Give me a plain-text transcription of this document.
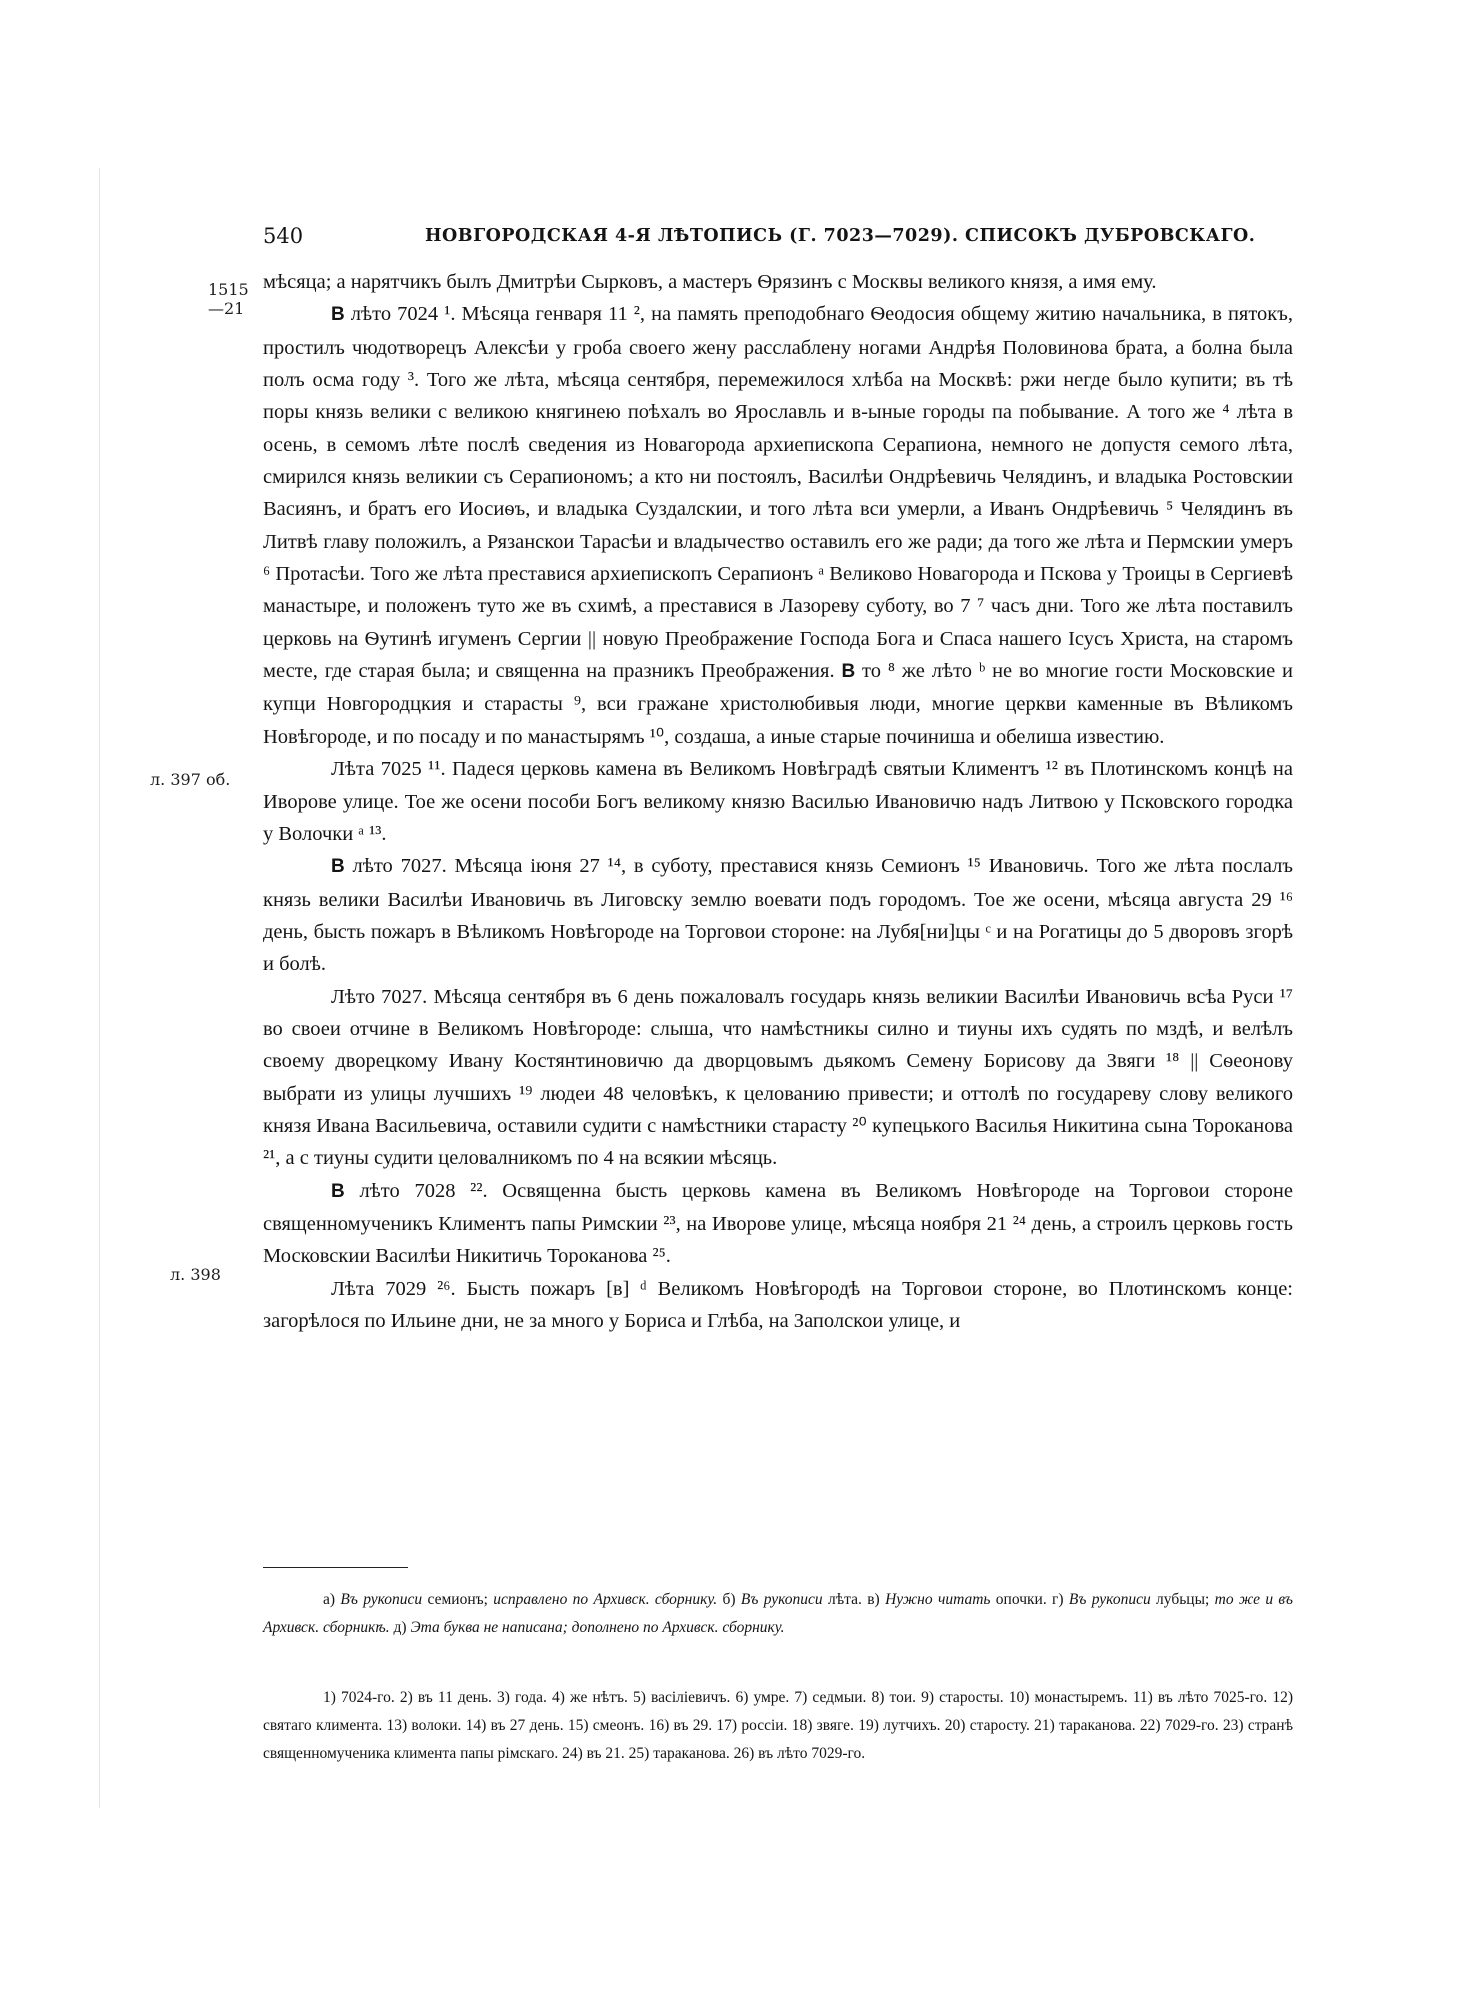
540	НОВГОРОДСКАЯ 4-Я ЛѢТОПИСЬ (Г. 7023—7029). СПИСОКЪ ДУБРОВСКАГО.
1515
—21
л. 397 об.
л. 398

мѣсяца; а нарятчикъ былъ Дмитрѣи Сырковъ, а мастеръ Ѳрязинъ с Москвы великого князя, а имя ему.

В лѣто 7024 ¹. Мѣсяца генваря 11 ², на память преподобнаго Ѳеодосия общему житию начальника, в пятокъ, простилъ чюдотворецъ Алексѣи у гроба своего жену расслаблену ногами Андрѣя Половинова брата, а болна была полъ осма году ³. Того же лѣта, мѣсяца сентября, перемежилося хлѣба на Москвѣ: ржи негде было купити; въ тѣ поры князь велики с великою княгинею поѣхалъ во Ярославль и в-ыные городы па побывание. А того же ⁴ лѣта в осень, в семомъ лѣте послѣ сведения из Новагорода архиепископа Серапиона, немного не допустя семого лѣта, смирился князь великии съ Серапиономъ; а кто ни постоялъ, Василѣи Ондрѣевичь Челядинъ, и владыка Ростовскии Васиянъ, и братъ его Иосиѳъ, и владыка Суздалскии, и того лѣта вси умерли, а Иванъ Ондрѣевичь ⁵ Челядинъ въ Литвѣ главу положилъ, а Рязанскои Тарасѣи и владычество оставилъ его же ради; да того же лѣта и Пермскии умеръ ⁶ Протасѣи. Того же лѣта преставися архиепископъ Серапионъ ᵃ Великово Новагорода и Пскова у Троицы в Сергиевѣ манастыре, и положенъ туто же въ схимѣ, а преставися в Лазореву суботу, во 7 ⁷ часъ дни. Того же лѣта поставилъ церковь на Ѳутинѣ игуменъ Сергии || новую Преображение Господа Бога и Спаса нашего Ісусъ Христа, на старомъ месте, где старая была; и священна на празникъ Преображения. В то ⁸ же лѣто ᵇ не во многие гости Московские и купци Новгородцкия и старасты ⁹, вси гражане христолюбивыя люди, многие церкви каменные въ Вѣликомъ Новѣгороде, и по посаду и по манастырямъ ¹⁰, создаша, а иные старые починиша и обелиша известию.

Лѣта 7025 ¹¹. Падеся церковь камена въ Великомъ Новѣградѣ святыи Климентъ ¹² въ Плотинскомъ концѣ на Иворове улице. Тое же осени пособи Богъ великому князю Василью Ивановичю надъ Литвою у Псковского городка у Волочки ᵃ ¹³.

В лѣто 7027. Мѣсяца іюня 27 ¹⁴, в суботу, преставися князь Семионъ ¹⁵ Ивановичь. Того же лѣта послалъ князь велики Василѣи Ивановичь въ Лиговску землю воевати подъ городомъ. Тое же осени, мѣсяца августа 29 ¹⁶ день, бысть пожаръ в Вѣликомъ Новѣгороде на Торговои стороне: на Лубя[ни]цы ᶜ и на Рогатицы до 5 дворовъ згорѣ и болѣ.

Лѣто 7027. Мѣсяца сентября въ 6 день пожаловалъ государь князь великии Василѣи Ивановичь всѣа Руси ¹⁷ во своеи отчине в Великомъ Новѣгороде: слыша, что намѣстникы силно и тиуны ихъ судять по мздѣ, и велѣлъ своему дворецкому Ивану Костянтиновичю да дворцовымъ дьякомъ Семену Борисову да Звяги ¹⁸ || Сѳеонову выбрати из улицы лучшихъ ¹⁹ людеи 48 человѣкъ, к целованию привести; и оттолѣ по государеву слову великого князя Ивана Васильевича, оставили судити с намѣстники старасту ²⁰ купецького Василья Никитина сына Тороканова ²¹, а с тиуны судити целовалникомъ по 4 на всякии мѣсяць.

В лѣто 7028 ²². Освященна бысть церковь камена въ Великомъ Новѣгороде на Торговои стороне священномученикъ Климентъ папы Римскии ²³, на Иворове улице, мѣсяца ноября 21 ²⁴ день, а строилъ церковь гость Московскии Василѣи Никитичь Тороканова ²⁵.

Лѣта 7029 ²⁶. Бысть пожаръ [в] ᵈ Великомъ Новѣгородѣ на Торговои стороне, во Плотинскомъ конце: загорѣлося по Ильине дни, не за много у Бориса и Глѣба, на Заполскои улице, и

а) Въ рукописи семионъ; исправлено по Архивск. сборнику. б) Въ рукописи лѣта. в) Нужно читать опочки. г) Въ рукописи лубьцы; то же и въ Архивск. сборникѣ. д) Эта буква не написана; дополнено по Архивск. сборнику.
1) 7024-го. 2) въ 11 день. 3) года. 4) же нѣтъ. 5) васіліевичъ. 6) умре. 7) седмыи. 8) тои. 9) старосты. 10) монастыремъ. 11) въ лѣто 7025-го. 12) святаго климента. 13) волоки. 14) въ 27 день. 15) смеонъ. 16) въ 29. 17) россіи. 18) звяге. 19) лутчихъ. 20) старосту. 21) тараканова. 22) 7029-го. 23) странѣ священномученика климента папы рімскаго. 24) въ 21. 25) тараканова. 26) въ лѣто 7029-го.
